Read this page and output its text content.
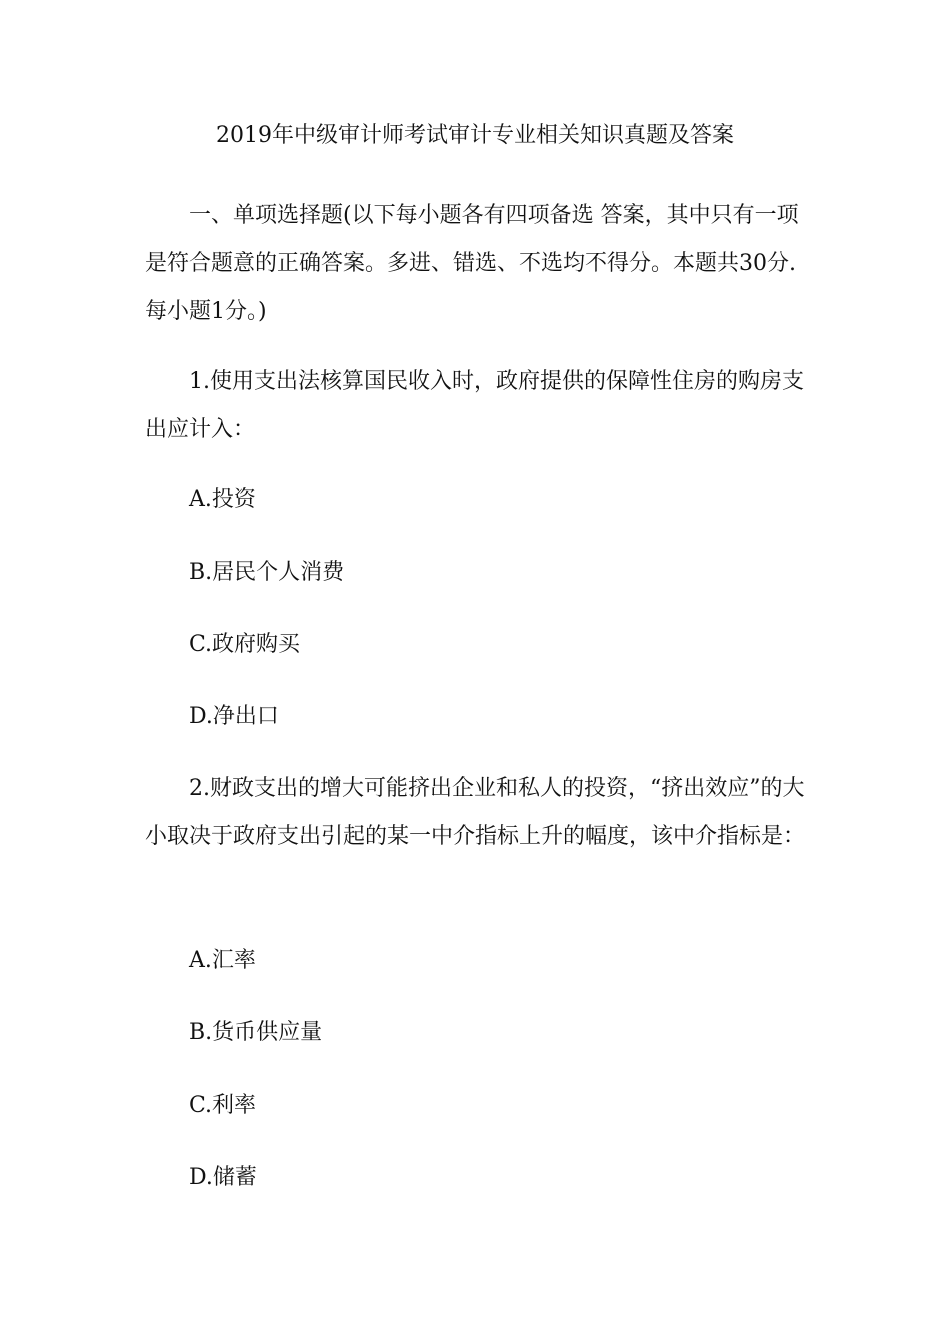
2019年中级审计师考试审计专业相关知识真题及答案
一、单项选择题(以下每小题各有四项备选 答案，其中只有一项是符合题意的正确答案。多进、错选、不选均不得分。本题共30分.每小题1分。)
1.使用支出法核算国民收入时，政府提供的保障性住房的购房支出应计入：
A.投资
B.居民个人消费
C.政府购买
D.净出口
2.财政支出的增大可能挤出企业和私人的投资，“挤出效应”的大小取决于政府支出引起的某一中介指标上升的幅度，该中介指标是：
A.汇率
B.货币供应量
C.利率
D.储蓄
